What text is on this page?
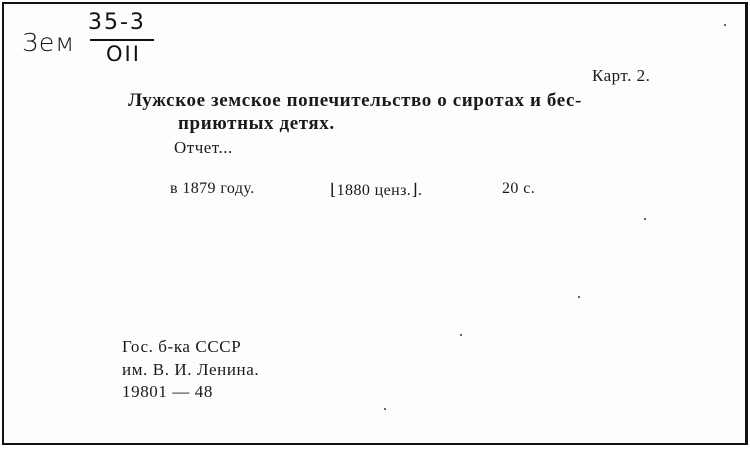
Зем
35-3
OII
Карт. 2.
Лужское земское попечительство о сиротах и бес-
приютных детях.
Отчет...
в 1879 году.	⌊1880 ценз.⌋.	20 с.
Гос. б-ка СССР
им. В. И. Ленина.
19801 — 48
